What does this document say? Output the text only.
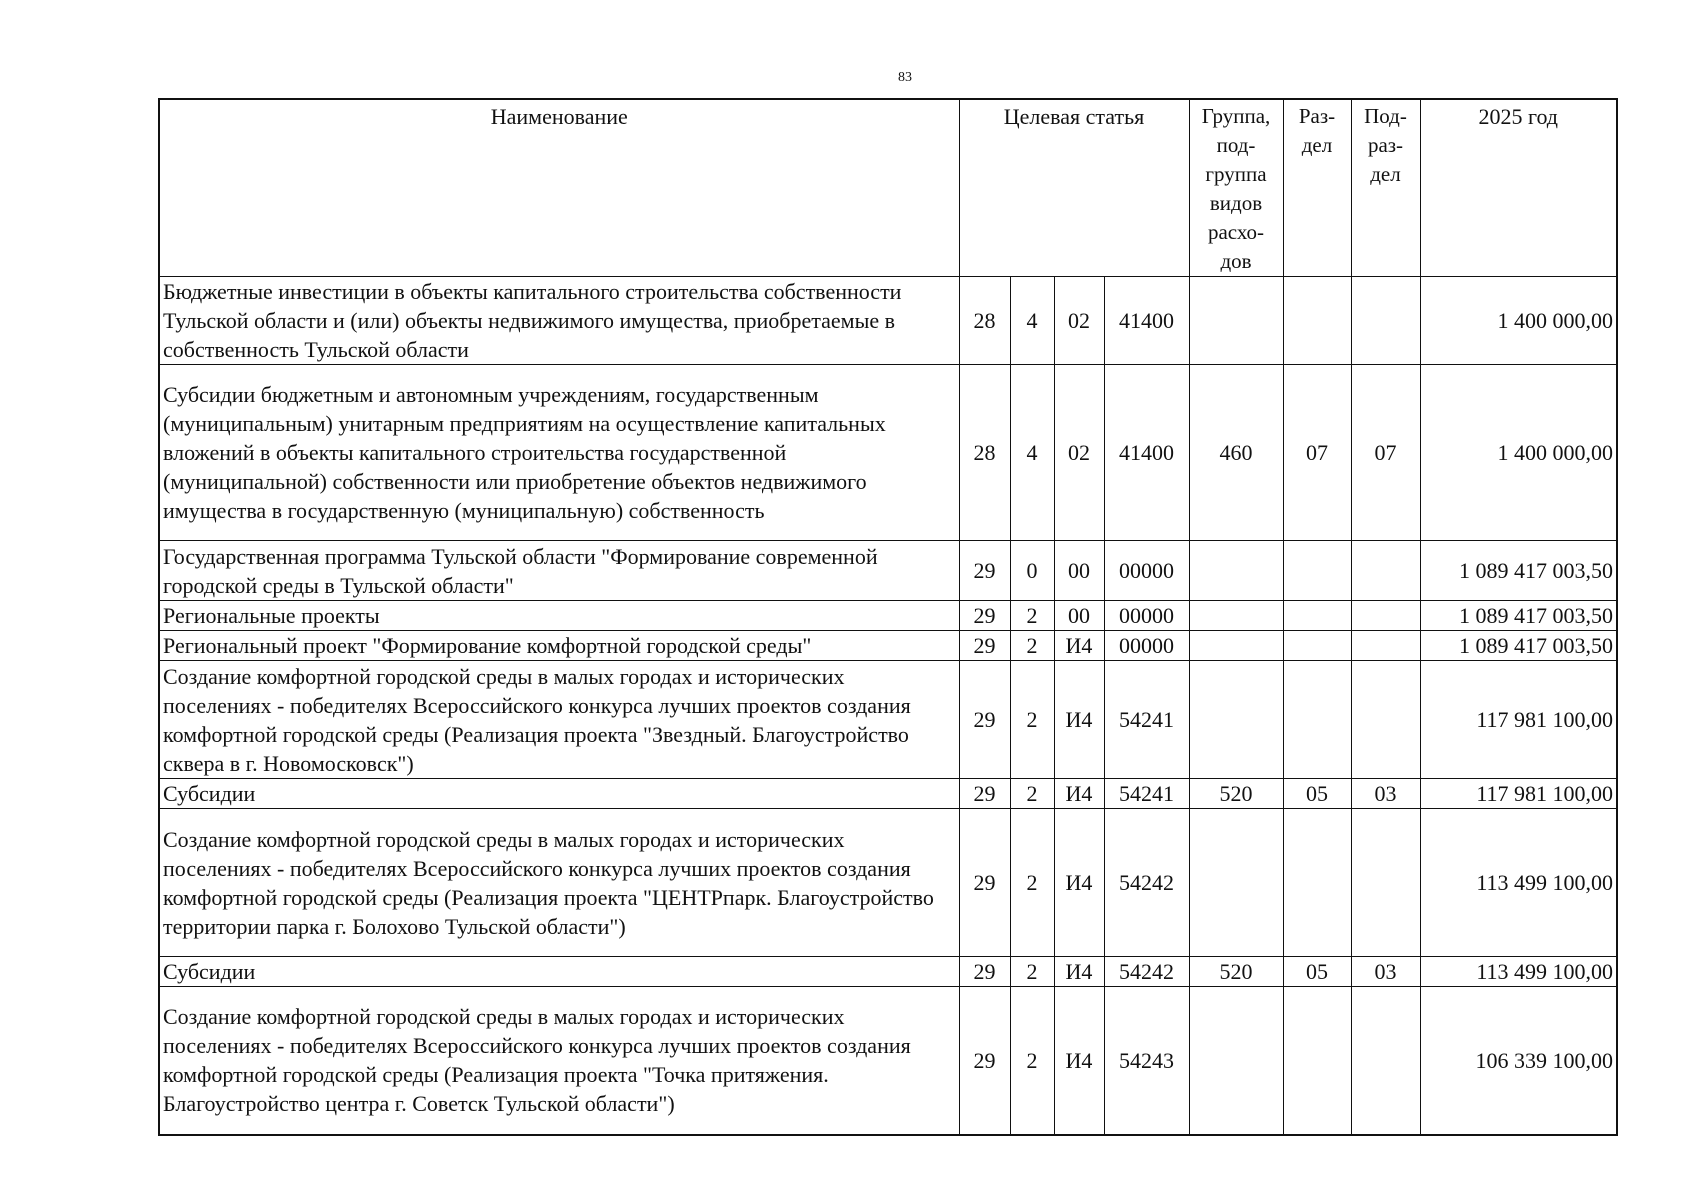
83
Наименование	Целевая статья				Группа, под- группа видов расхо- дов	Раз- дел	Под- раз- дел	2025 год
Бюджетные инвестиции в объекты капитального строительства собственности Тульской области и (или) объекты недвижимого имущества, приобретаемые в собственность Тульской области	28	4	02	41400				1 400 000,00
Субсидии бюджетным и автономным учреждениям, государственным (муниципальным) унитарным предприятиям на осуществление капитальных вложений в объекты капитального строительства государственной (муниципальной) собственности или приобретение объектов недвижимого имущества в государственную (муниципальную) собственность	28	4	02	41400	460	07	07	1 400 000,00
Государственная программа Тульской области "Формирование современной городской среды в Тульской области"	29	0	00	00000				1 089 417 003,50
Региональные проекты	29	2	00	00000				1 089 417 003,50
Региональный проект "Формирование комфортной городской среды"	29	2	И4	00000				1 089 417 003,50
Создание комфортной городской среды в малых городах и исторических поселениях - победителях Всероссийского конкурса лучших проектов создания комфортной городской среды (Реализация проекта "Звездный. Благоустройство сквера в г. Новомосковск")	29	2	И4	54241				117 981 100,00
Субсидии	29	2	И4	54241	520	05	03	117 981 100,00
Создание комфортной городской среды в малых городах и исторических поселениях - победителях Всероссийского конкурса лучших проектов создания комфортной городской среды (Реализация проекта "ЦЕНТРпарк. Благоустройство территории парка г. Болохово Тульской области")	29	2	И4	54242				113 499 100,00
Субсидии	29	2	И4	54242	520	05	03	113 499 100,00
Создание комфортной городской среды в малых городах и исторических поселениях - победителях Всероссийского конкурса лучших проектов создания комфортной городской среды (Реализация проекта "Точка притяжения. Благоустройство центра г. Советск Тульской области")	29	2	И4	54243				106 339 100,00
